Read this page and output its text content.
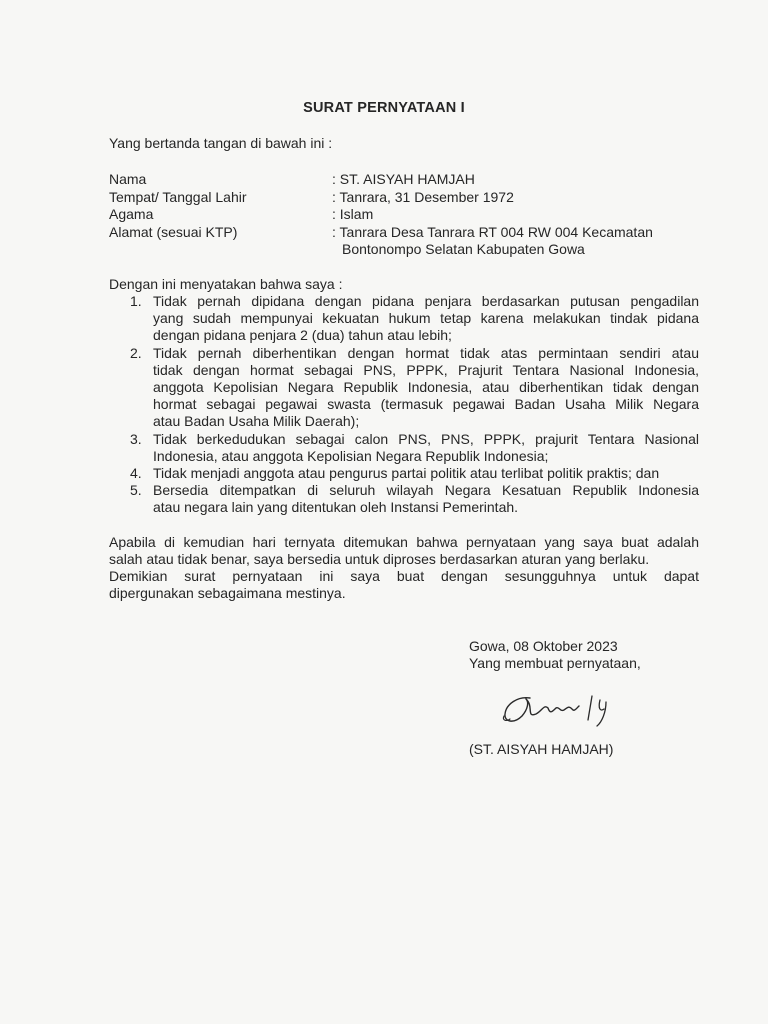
SURAT PERNYATAAN I
Yang bertanda tangan di bawah ini :
Nama	: ST. AISYAH HAMJAH
Tempat/ Tanggal Lahir	: Tanrara, 31 Desember 1972
Agama	: Islam
Alamat (sesuai KTP)	: Tanrara Desa Tanrara RT 004 RW 004 Kecamatan
Bontonompo Selatan Kabupaten Gowa
Dengan ini menyatakan bahwa saya :
1. Tidak pernah dipidana dengan pidana penjara berdasarkan putusan pengadilan
yang sudah mempunyai kekuatan hukum tetap karena melakukan tindak pidana
dengan pidana penjara 2 (dua) tahun atau lebih;
2. Tidak pernah diberhentikan dengan hormat tidak atas permintaan sendiri atau
tidak dengan hormat sebagai PNS, PPPK, Prajurit Tentara Nasional Indonesia,
anggota Kepolisian Negara Republik Indonesia, atau diberhentikan tidak dengan
hormat sebagai pegawai swasta (termasuk pegawai Badan Usaha Milik Negara
atau Badan Usaha Milik Daerah);
3. Tidak berkedudukan sebagai calon PNS, PNS, PPPK, prajurit Tentara Nasional
Indonesia, atau anggota Kepolisian Negara Republik Indonesia;
4. Tidak menjadi anggota atau pengurus partai politik atau terlibat politik praktis; dan
5. Bersedia ditempatkan di seluruh wilayah Negara Kesatuan Republik Indonesia
atau negara lain yang ditentukan oleh Instansi Pemerintah.
Apabila di kemudian hari ternyata ditemukan bahwa pernyataan yang saya buat adalah
salah atau tidak benar, saya bersedia untuk diproses berdasarkan aturan yang berlaku.
Demikian surat pernyataan ini saya buat dengan sesungguhnya untuk dapat
dipergunakan sebagaimana mestinya.
Gowa, 08 Oktober 2023
Yang membuat pernyataan,
(ST. AISYAH HAMJAH)
